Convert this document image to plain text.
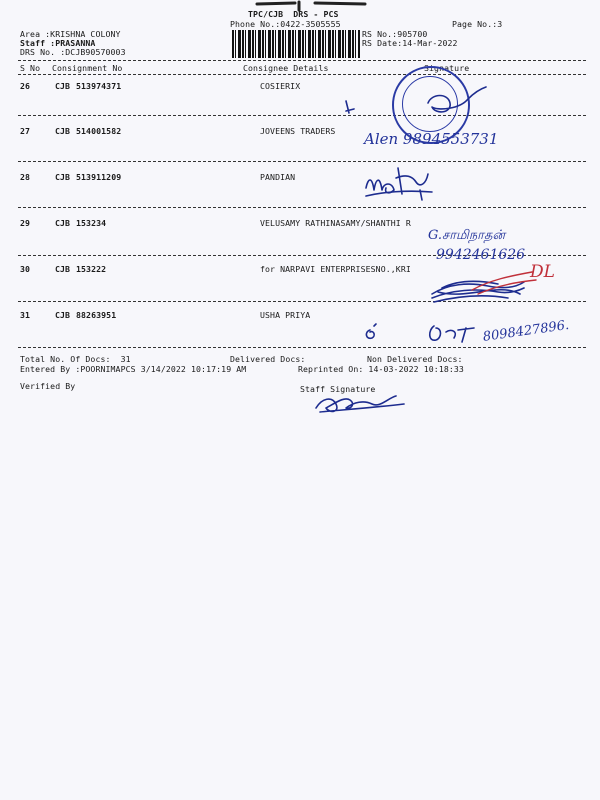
TPC/CJB  DRS - PCS
Phone No.:0422-3505555	Page No.:3
Area :KRISHNA COLONY
Staff :PRASANNA
DRS No. :DCJB90570003
RS No.:905700
RS Date:14-Mar-2022
S No Consignment No	Consignee Details	Signature
26	CJB 513974371	COSIERIX
27	CJB 514001582	JOVEENS TRADERS
28	CJB 513911209	PANDIAN
29	CJB 153234	VELUSAMY RATHINASAMY/SHANTHI R
30	CJB 153222	for NARPAVI ENTERPRISESNO.,KRI
31	CJB 88263951	USHA PRIYA
Total No. Of Docs:  31	Delivered Docs:	Non Delivered Docs:
Entered By :POORNIMAPCS 3/14/2022 10:17:19 AM	Reprinted On: 14-03-2022 10:18:33
Verified By	Staff Signature
Alen 9894553731
G.சாமிநாதன்
9942461626
DL
8098427896.
